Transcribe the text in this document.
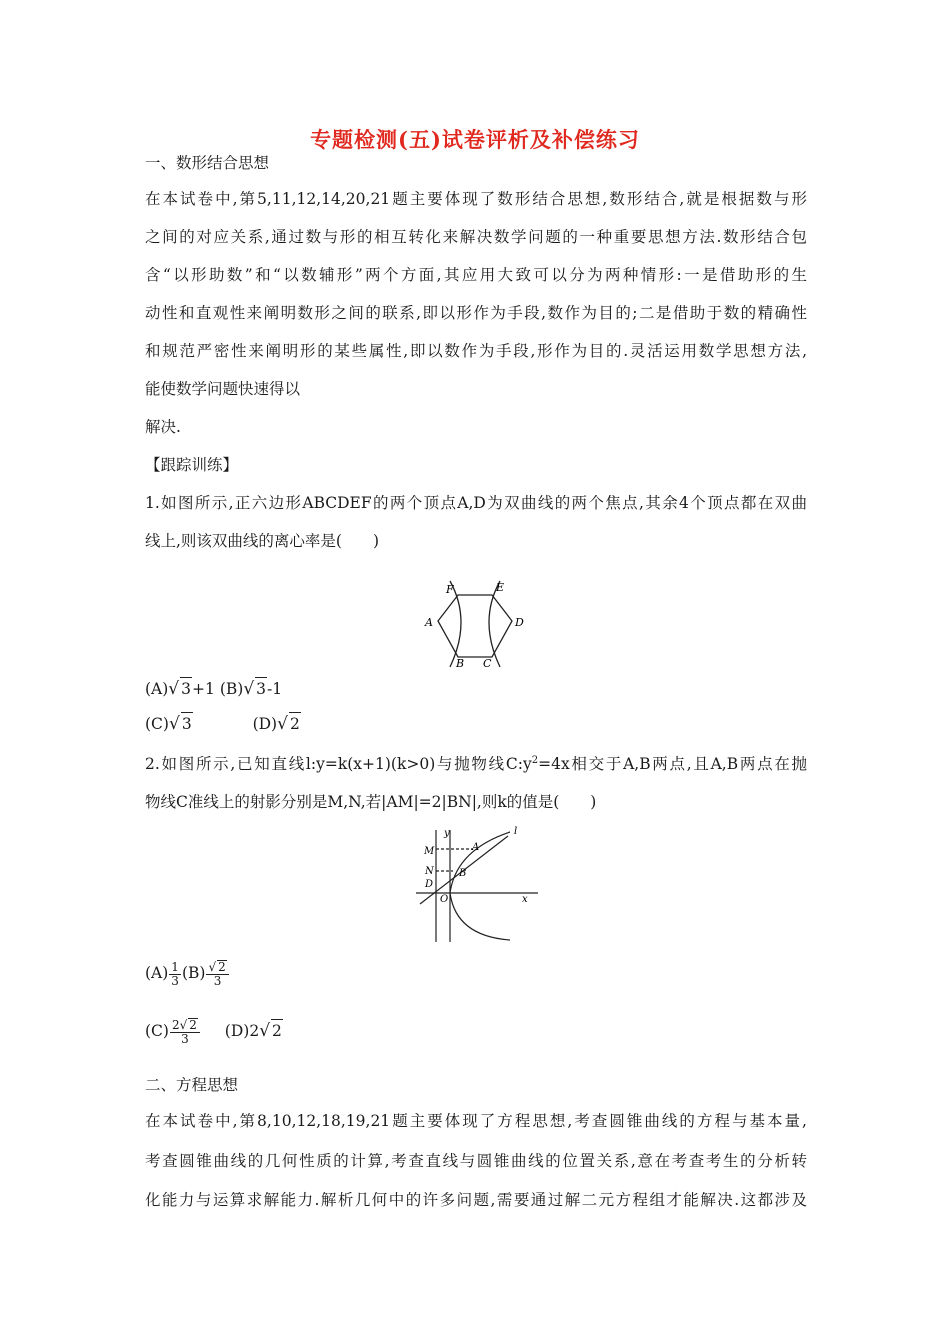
专题检测(五)试卷评析及补偿练习
一、数形结合思想
在本试卷中,第5,11,12,14,20,21题主要体现了数形结合思想,数形结合,就是根据数与形
之间的对应关系,通过数与形的相互转化来解决数学问题的一种重要思想方法.数形结合包
含“以形助数”和“以数辅形”两个方面,其应用大致可以分为两种情形:一是借助形的生
动性和直观性来阐明数形之间的联系,即以形作为手段,数作为目的;二是借助于数的精确性
和规范严密性来阐明形的某些属性,即以数作为手段,形作为目的.灵活运用数学思想方法,
能使数学问题快速得以
解决.
【跟踪训练】
1.如图所示,正六边形ABCDEF的两个顶点A,D为双曲线的两个焦点,其余4个顶点都在双曲
线上,则该双曲线的离心率是(　　)
A
F	E
D
B C
(A)√ 3+1 (B)√ 3-1
(C)√ 3	(D)√ 2
2.如图所示,已知直线l:y=k(x+1)(k>0)与抛物线$C:y^2=4x$相交于A,B两点,且A,B两点在抛
物线C准线上的射影分别是M,N,若|AM|=2|BN|,则k的值是(　　)
y	l
M	A
N	B
D
O	x
$(A) \frac{1}{3} (B) \frac{√ 2}{3}$
$(C) \frac{2√ 2}{3} (D)2√$ 2
二、方程思想
在本试卷中,第8,10,12,18,19,21题主要体现了方程思想,考查圆锥曲线的方程与基本量,
考查圆锥曲线的几何性质的计算,考查直线与圆锥曲线的位置关系,意在考查考生的分析转
化能力与运算求解能力.解析几何中的许多问题,需要通过解二元方程组才能解决.这都涉及
